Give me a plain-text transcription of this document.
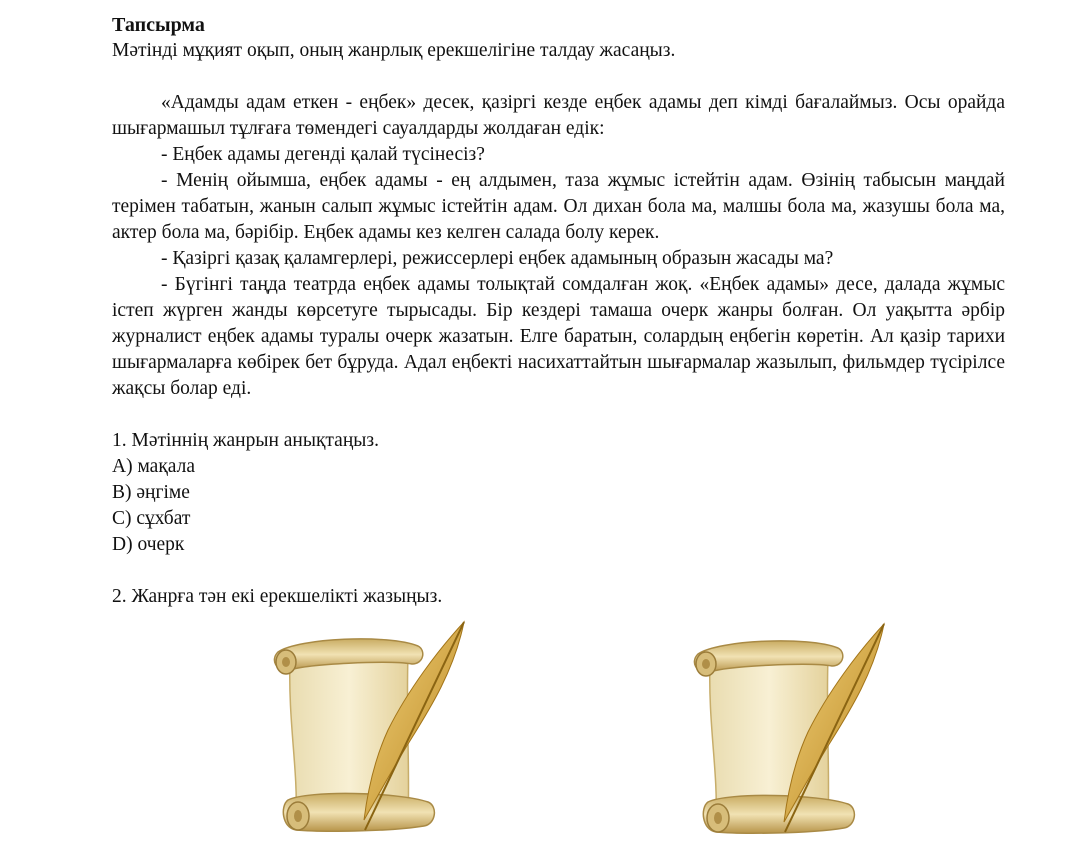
Тапсырма
Мәтінді мұқият оқып, оның жанрлық ерекшелігіне талдау жасаңыз.

«Адамды адам еткен - еңбек» десек, қазіргі кезде еңбек адамы деп кімді бағалаймыз. Осы орайда шығармашыл тұлғаға төмендегі сауалдарды жолдаған едік:

- Еңбек адамы дегенді қалай түсінесіз?

- Менің ойымша, еңбек адамы - ең алдымен, таза жұмыс істейтін адам. Өзінің табысын маңдай терімен табатын, жанын салып жұмыс істейтін адам. Ол дихан бола ма, малшы бола ма, жазушы бола ма, актер бола ма, бәрібір. Еңбек адамы кез келген салада болу керек.

- Қазіргі қазақ қаламгерлері, режиссерлері еңбек адамының образын жасады ма?

- Бүгінгі таңда театрда еңбек адамы толықтай сомдалған жоқ. «Еңбек адамы» десе, далада жұмыс істеп жүрген жанды көрсетуге тырысады. Бір кездері тамаша очерк жанры болған. Ол уақытта әрбір журналист еңбек адамы туралы очерк жазатын. Елге баратын, солардың еңбегін көретін. Ал қазір тарихи шығармаларға көбірек бет бұруда. Адал еңбекті насихаттайтын шығармалар жазылып, фильмдер түсірілсе жақсы болар еді.

1. Мәтіннің жанрын анықтаңыз.
A) мақала
B) әңгіме
C) сұхбат
D) очерк
2. Жанрға тән екі ерекшелікті жазыңыз.
